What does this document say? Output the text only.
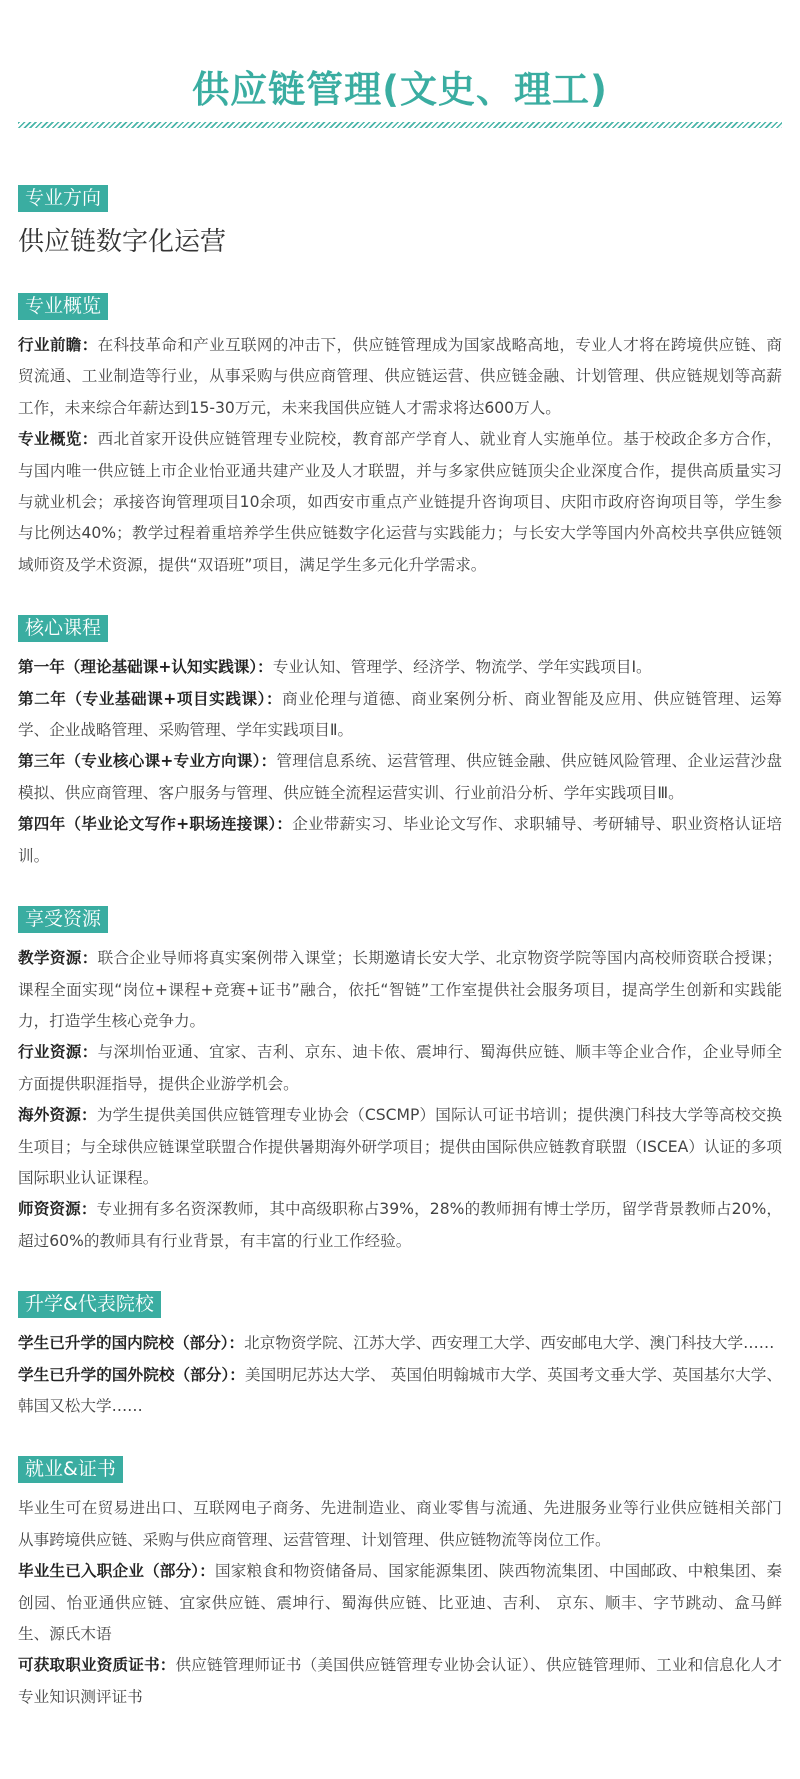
供应链管理(文史、理工)
专业方向
供应链数字化运营
专业概览

行业前瞻：在科技革命和产业互联网的冲击下，供应链管理成为国家战略高地，专业人才将在跨境供应链、商贸流通、工业制造等行业，从事采购与供应商管理、供应链运营、供应链金融、计划管理、供应链规划等高薪工作，未来综合年薪达到15-30万元，未来我国供应链人才需求将达600万人。

专业概览：西北首家开设供应链管理专业院校，教育部产学育人、就业育人实施单位。基于校政企多方合作，与国内唯一供应链上市企业怡亚通共建产业及人才联盟，并与多家供应链顶尖企业深度合作，提供高质量实习与就业机会；承接咨询管理项目10余项，如西安市重点产业链提升咨询项目、庆阳市政府咨询项目等，学生参与比例达40%；教学过程着重培养学生供应链数字化运营与实践能力；与长安大学等国内外高校共享供应链领域师资及学术资源，提供“双语班”项目，满足学生多元化升学需求。

核心课程

第一年（理论基础课+认知实践课）：专业认知、管理学、经济学、物流学、学年实践项目Ⅰ。

第二年（专业基础课+项目实践课）：商业伦理与道德、商业案例分析、商业智能及应用、供应链管理、运筹学、企业战略管理、采购管理、学年实践项目Ⅱ。

第三年（专业核心课+专业方向课）：管理信息系统、运营管理、供应链金融、供应链风险管理、企业运营沙盘模拟、供应商管理、客户服务与管理、供应链全流程运营实训、行业前沿分析、学年实践项目Ⅲ。

第四年（毕业论文写作+职场连接课）：企业带薪实习、毕业论文写作、求职辅导、考研辅导、职业资格认证培训。

享受资源

教学资源：联合企业导师将真实案例带入课堂；长期邀请长安大学、北京物资学院等国内高校师资联合授课；课程全面实现“岗位+课程+竞赛+证书”融合，依托“智链”工作室提供社会服务项目，提高学生创新和实践能力，打造学生核心竞争力。

行业资源：与深圳怡亚通、宜家、吉利、京东、迪卡侬、震坤行、蜀海供应链、顺丰等企业合作，企业导师全方面提供职涯指导，提供企业游学机会。

海外资源：为学生提供美国供应链管理专业协会（CSCMP）国际认可证书培训；提供澳门科技大学等高校交换生项目；与全球供应链课堂联盟合作提供暑期海外研学项目；提供由国际供应链教育联盟（ISCEA）认证的多项国际职业认证课程。

师资资源：专业拥有多名资深教师，其中高级职称占39%，28%的教师拥有博士学历，留学背景教师占20%，超过60%的教师具有行业背景，有丰富的行业工作经验。

升学&代表院校

学生已升学的国内院校（部分）：北京物资学院、江苏大学、西安理工大学、西安邮电大学、澳门科技大学……

学生已升学的国外院校（部分）：美国明尼苏达大学、 英国伯明翰城市大学、英国考文垂大学、英国基尔大学、韩国又松大学……

就业&证书

毕业生可在贸易进出口、互联网电子商务、先进制造业、商业零售与流通、先进服务业等行业供应链相关部门从事跨境供应链、采购与供应商管理、运营管理、计划管理、供应链物流等岗位工作。

毕业生已入职企业（部分）：国家粮食和物资储备局、国家能源集团、陕西物流集团、中国邮政、中粮集团、秦创园、怡亚通供应链、宜家供应链、震坤行、蜀海供应链、比亚迪、吉利、 京东、顺丰、字节跳动、盒马鲜生、源氏木语

可获取职业资质证书：供应链管理师证书（美国供应链管理专业协会认证）、供应链管理师、工业和信息化人才专业知识测评证书
